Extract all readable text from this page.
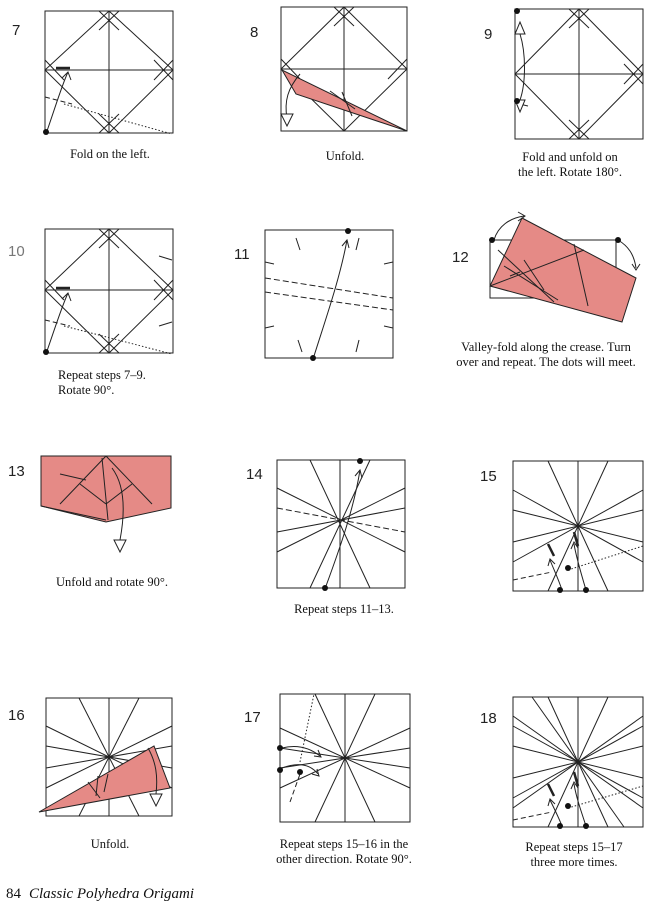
7	8	9
10	11	12
13	14	15
16	17	18
Fold on the left.	Unfold.	Fold and unfold on
the left. Rotate 180°.
Repeat steps 7–9.
Rotate 90°.
Valley-fold along the crease. Turn
over and repeat. The dots will meet.
Unfold and rotate 90°.
Repeat steps 11–13.
Unfold.	Repeat steps 15–16 in the
other direction. Rotate 90°.
Repeat steps 15–17
three more times.
84 Classic Polyhedra Origami
